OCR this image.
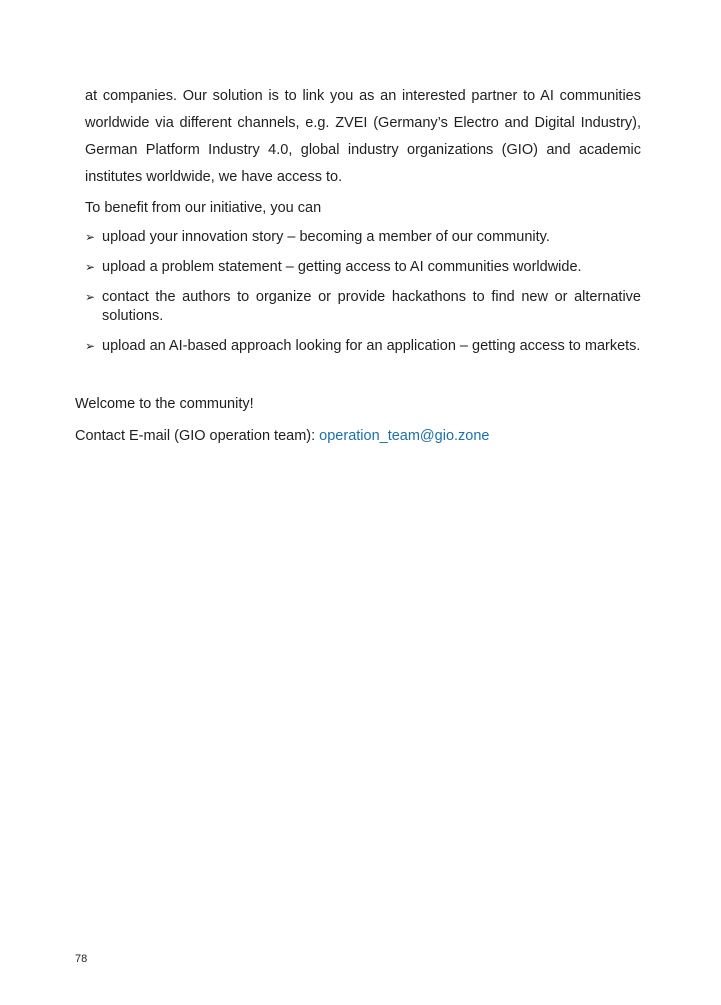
at companies. Our solution is to link you as an interested partner to AI communities worldwide via different channels, e.g. ZVEI (Germany’s Electro and Digital Industry), German Platform Industry 4.0, global industry organizations (GIO) and academic institutes worldwide, we have access to.

To benefit from our initiative, you can

➢ upload your innovation story – becoming a member of our community.
➢ upload a problem statement – getting access to AI communities worldwide.
➢ contact the authors to organize or provide hackathons to find new or alternative solutions.
➢ upload an AI-based approach looking for an application – getting access to markets.

Welcome to the community!

Contact E-mail (GIO operation team): operation_team@gio.zone

78
